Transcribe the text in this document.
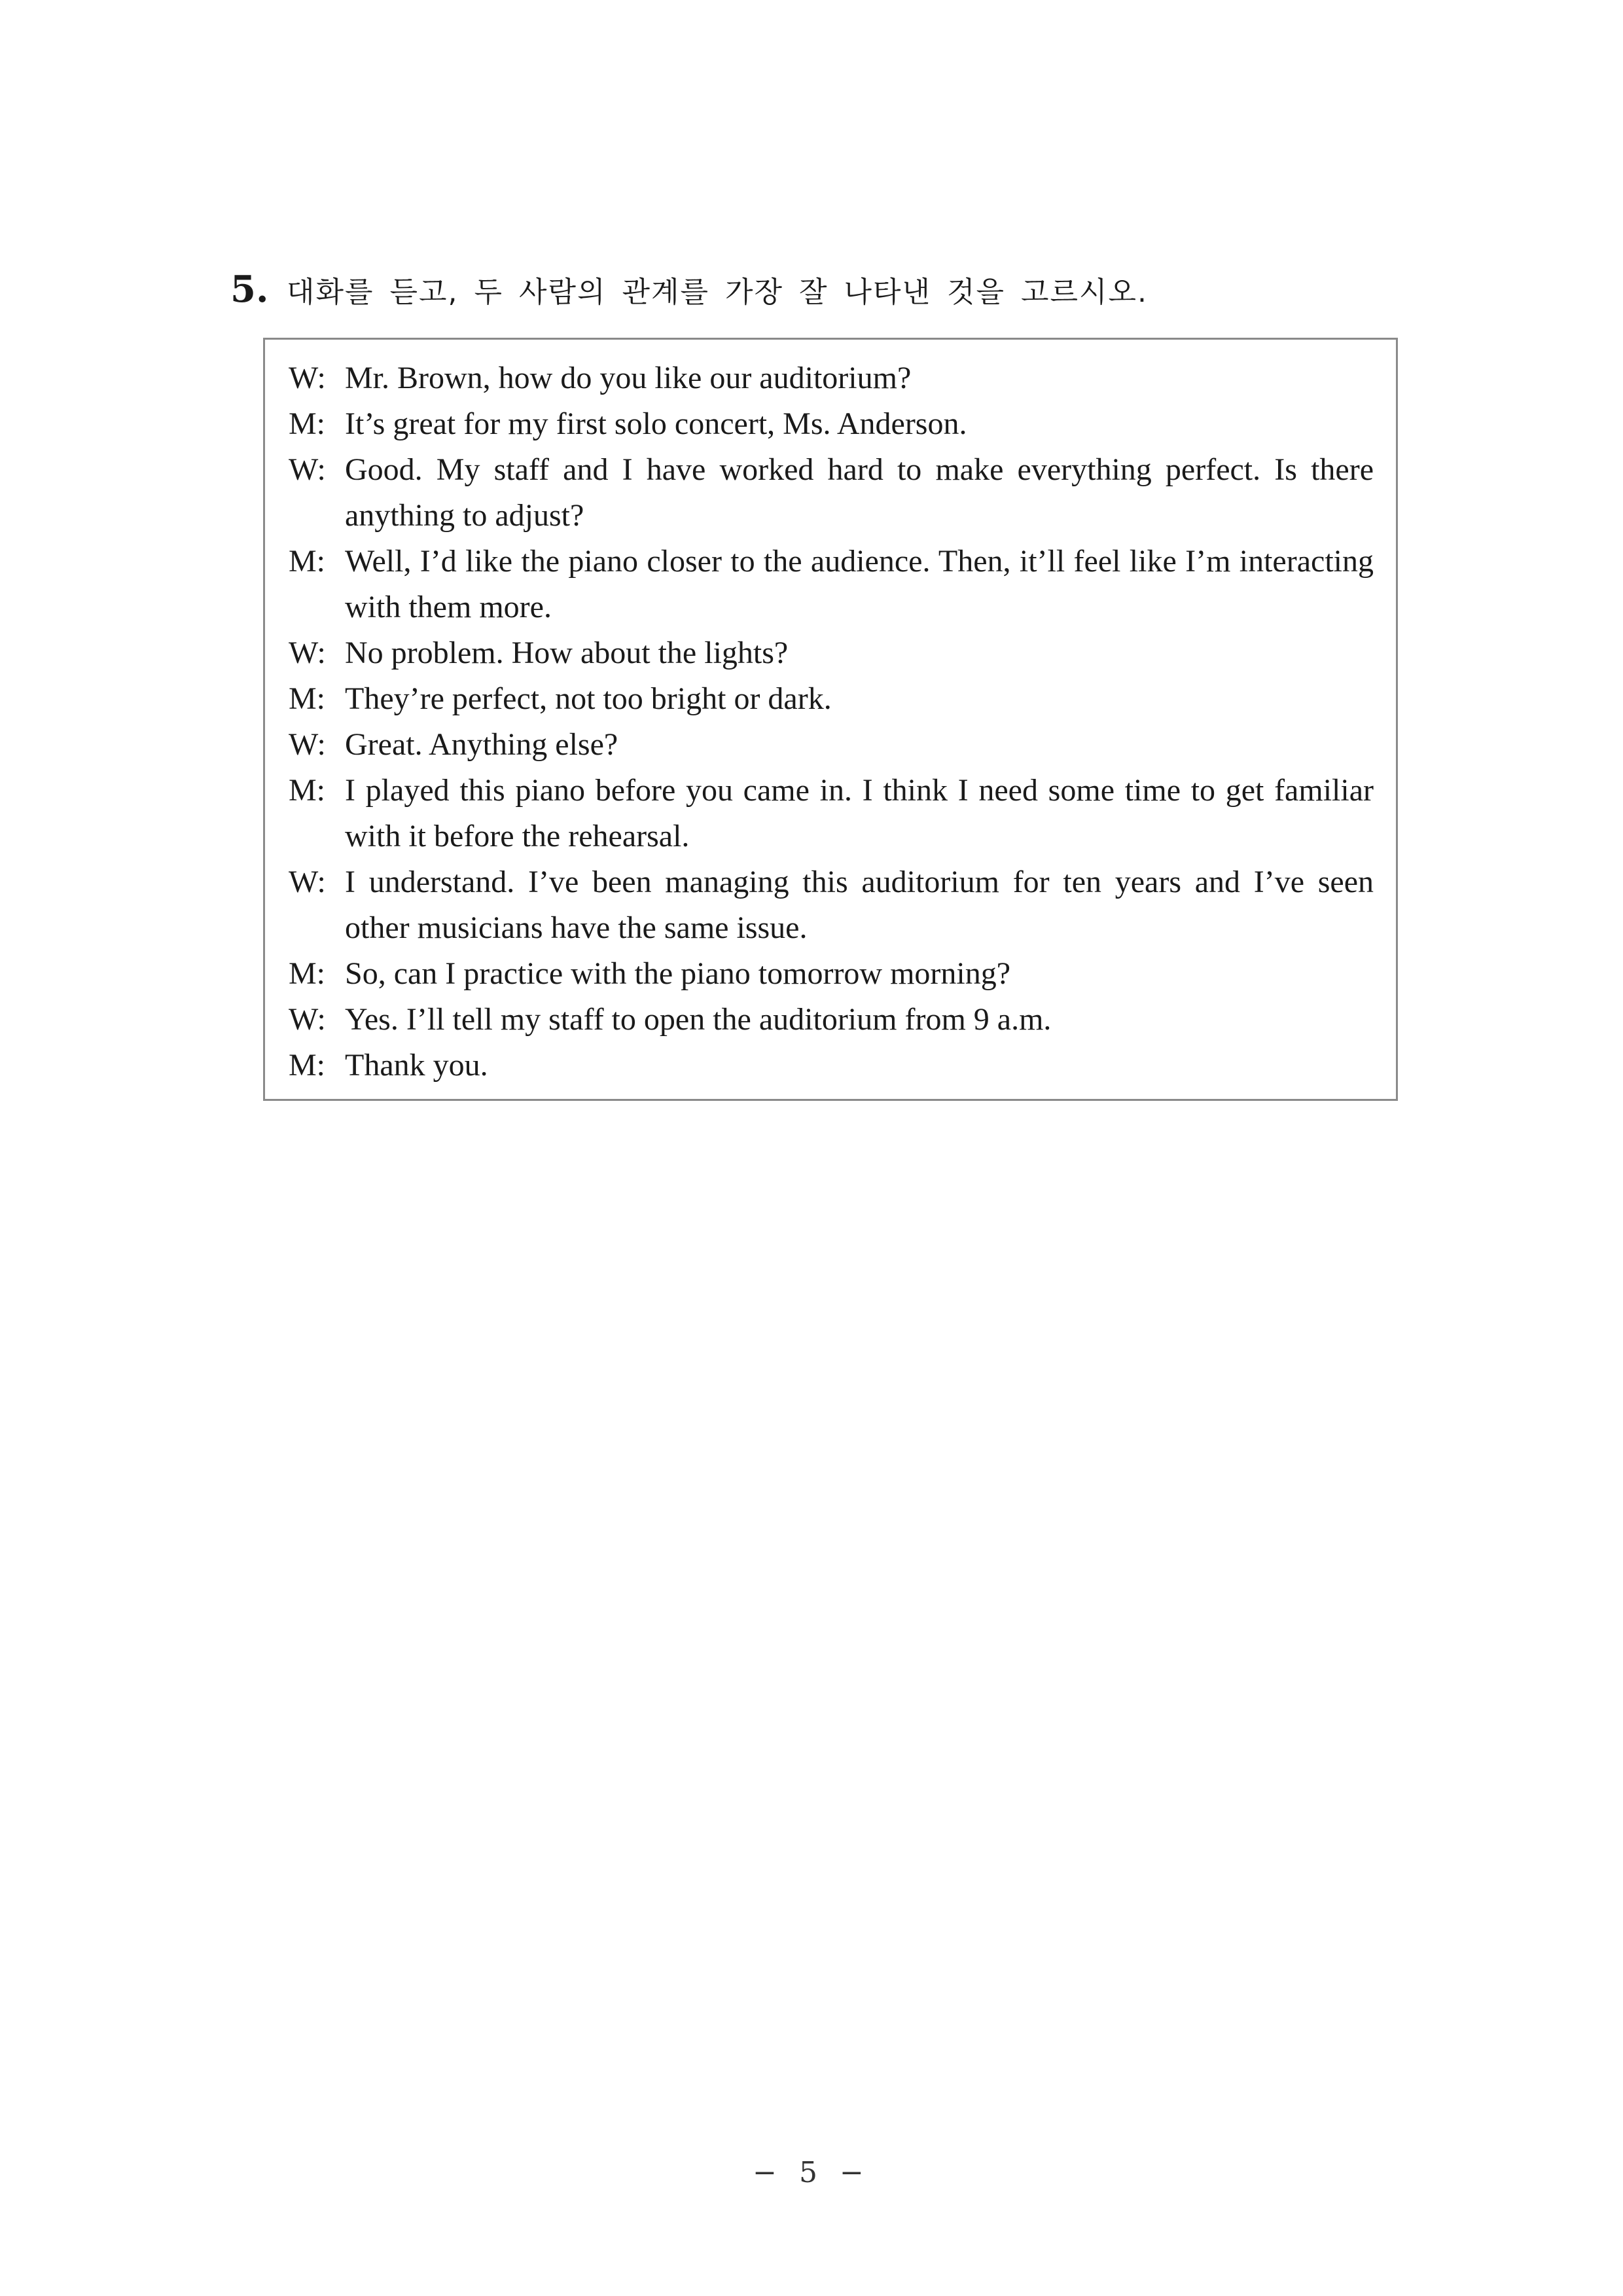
5. 대화를 듣고, 두 사람의 관계를 가장 잘 나타낸 것을 고르시오.
W: Mr. Brown, how do you like our auditorium?
M: It’s great for my first solo concert, Ms. Anderson.
W: Good. My staff and I have worked hard to make everything perfect. Is there anything to adjust?
M: Well, I’d like the piano closer to the audience. Then, it’ll feel like I’m interacting with them more.
W: No problem. How about the lights?
M: They’re perfect, not too bright or dark.
W: Great. Anything else?
M: I played this piano before you came in. I think I need some time to get familiar with it before the rehearsal.
W: I understand. I’ve been managing this auditorium for ten years and I’ve seen other musicians have the same issue.
M: So, can I practice with the piano tomorrow morning?
W: Yes. I’ll tell my staff to open the auditorium from 9 a.m.
M: Thank you.
− 5 −
